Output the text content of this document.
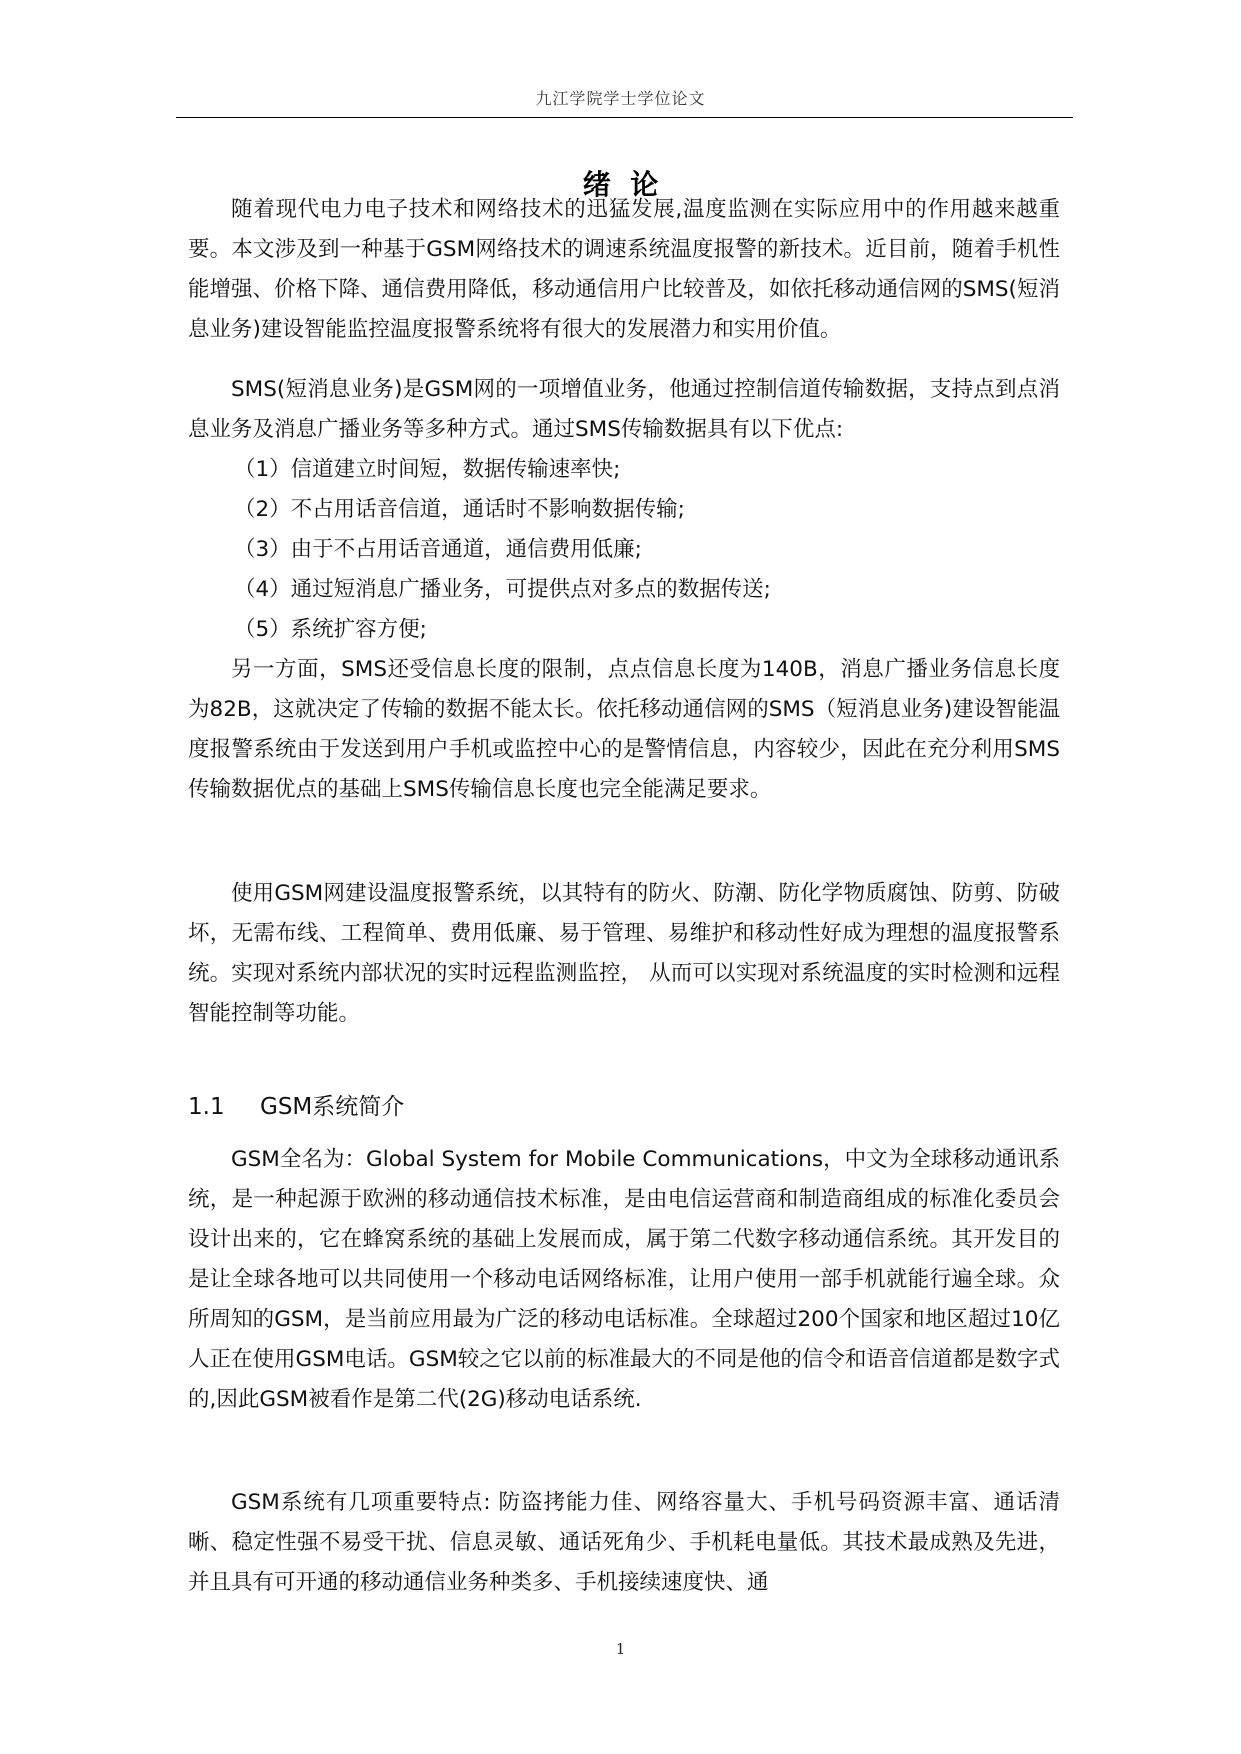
九江学院学士学位论文
绪  论

随着现代电力电子技术和网络技术的迅猛发展,温度监测在实际应用中的作用越来越重要。本文涉及到一种基于GSM网络技术的调速系统温度报警的新技术。近目前，随着手机性能增强、价格下降、通信费用降低，移动通信用户比较普及，如依托移动通信网的SMS(短消息业务)建设智能监控温度报警系统将有很大的发展潜力和实用价值。

SMS(短消息业务)是GSM网的一项增值业务，他通过控制信道传输数据，支持点到点消息业务及消息广播业务等多种方式。通过SMS传输数据具有以下优点:

（1）信道建立时间短，数据传输速率快;

（2）不占用话音信道，通话时不影响数据传输;

（3）由于不占用话音通道，通信费用低廉;

（4）通过短消息广播业务，可提供点对多点的数据传送;

（5）系统扩容方便;

另一方面，SMS还受信息长度的限制，点点信息长度为140B，消息广播业务信息长度为82B，这就决定了传输的数据不能太长。依托移动通信网的SMS（短消息业务)建设智能温度报警系统由于发送到用户手机或监控中心的是警情信息，内容较少，因此在充分利用SMS传输数据优点的基础上SMS传输信息长度也完全能满足要求。

使用GSM网建设温度报警系统，以其特有的防火、防潮、防化学物质腐蚀、防剪、防破坏，无需布线、工程简单、费用低廉、易于管理、易维护和移动性好成为理想的温度报警系统。实现对系统内部状况的实时远程监测监控， 从而可以实现对系统温度的实时检测和远程智能控制等功能。

1.1 GSM系统简介

GSM全名为：Global System for Mobile Communications，中文为全球移动通讯系统，是一种起源于欧洲的移动通信技术标准，是由电信运营商和制造商组成的标准化委员会设计出来的，它在蜂窝系统的基础上发展而成，属于第二代数字移动通信系统。其开发目的是让全球各地可以共同使用一个移动电话网络标准，让用户使用一部手机就能行遍全球。众所周知的GSM，是当前应用最为广泛的移动电话标准。全球超过200个国家和地区超过10亿人正在使用GSM电话。GSM较之它以前的标准最大的不同是他的信令和语音信道都是数字式的,因此GSM被看作是第二代(2G)移动电话系统.

GSM系统有几项重要特点: 防盗拷能力佳、网络容量大、手机号码资源丰富、通话清晰、稳定性强不易受干扰、信息灵敏、通话死角少、手机耗电量低。其技术最成熟及先进，并且具有可开通的移动通信业务种类多、手机接续速度快、通

1
